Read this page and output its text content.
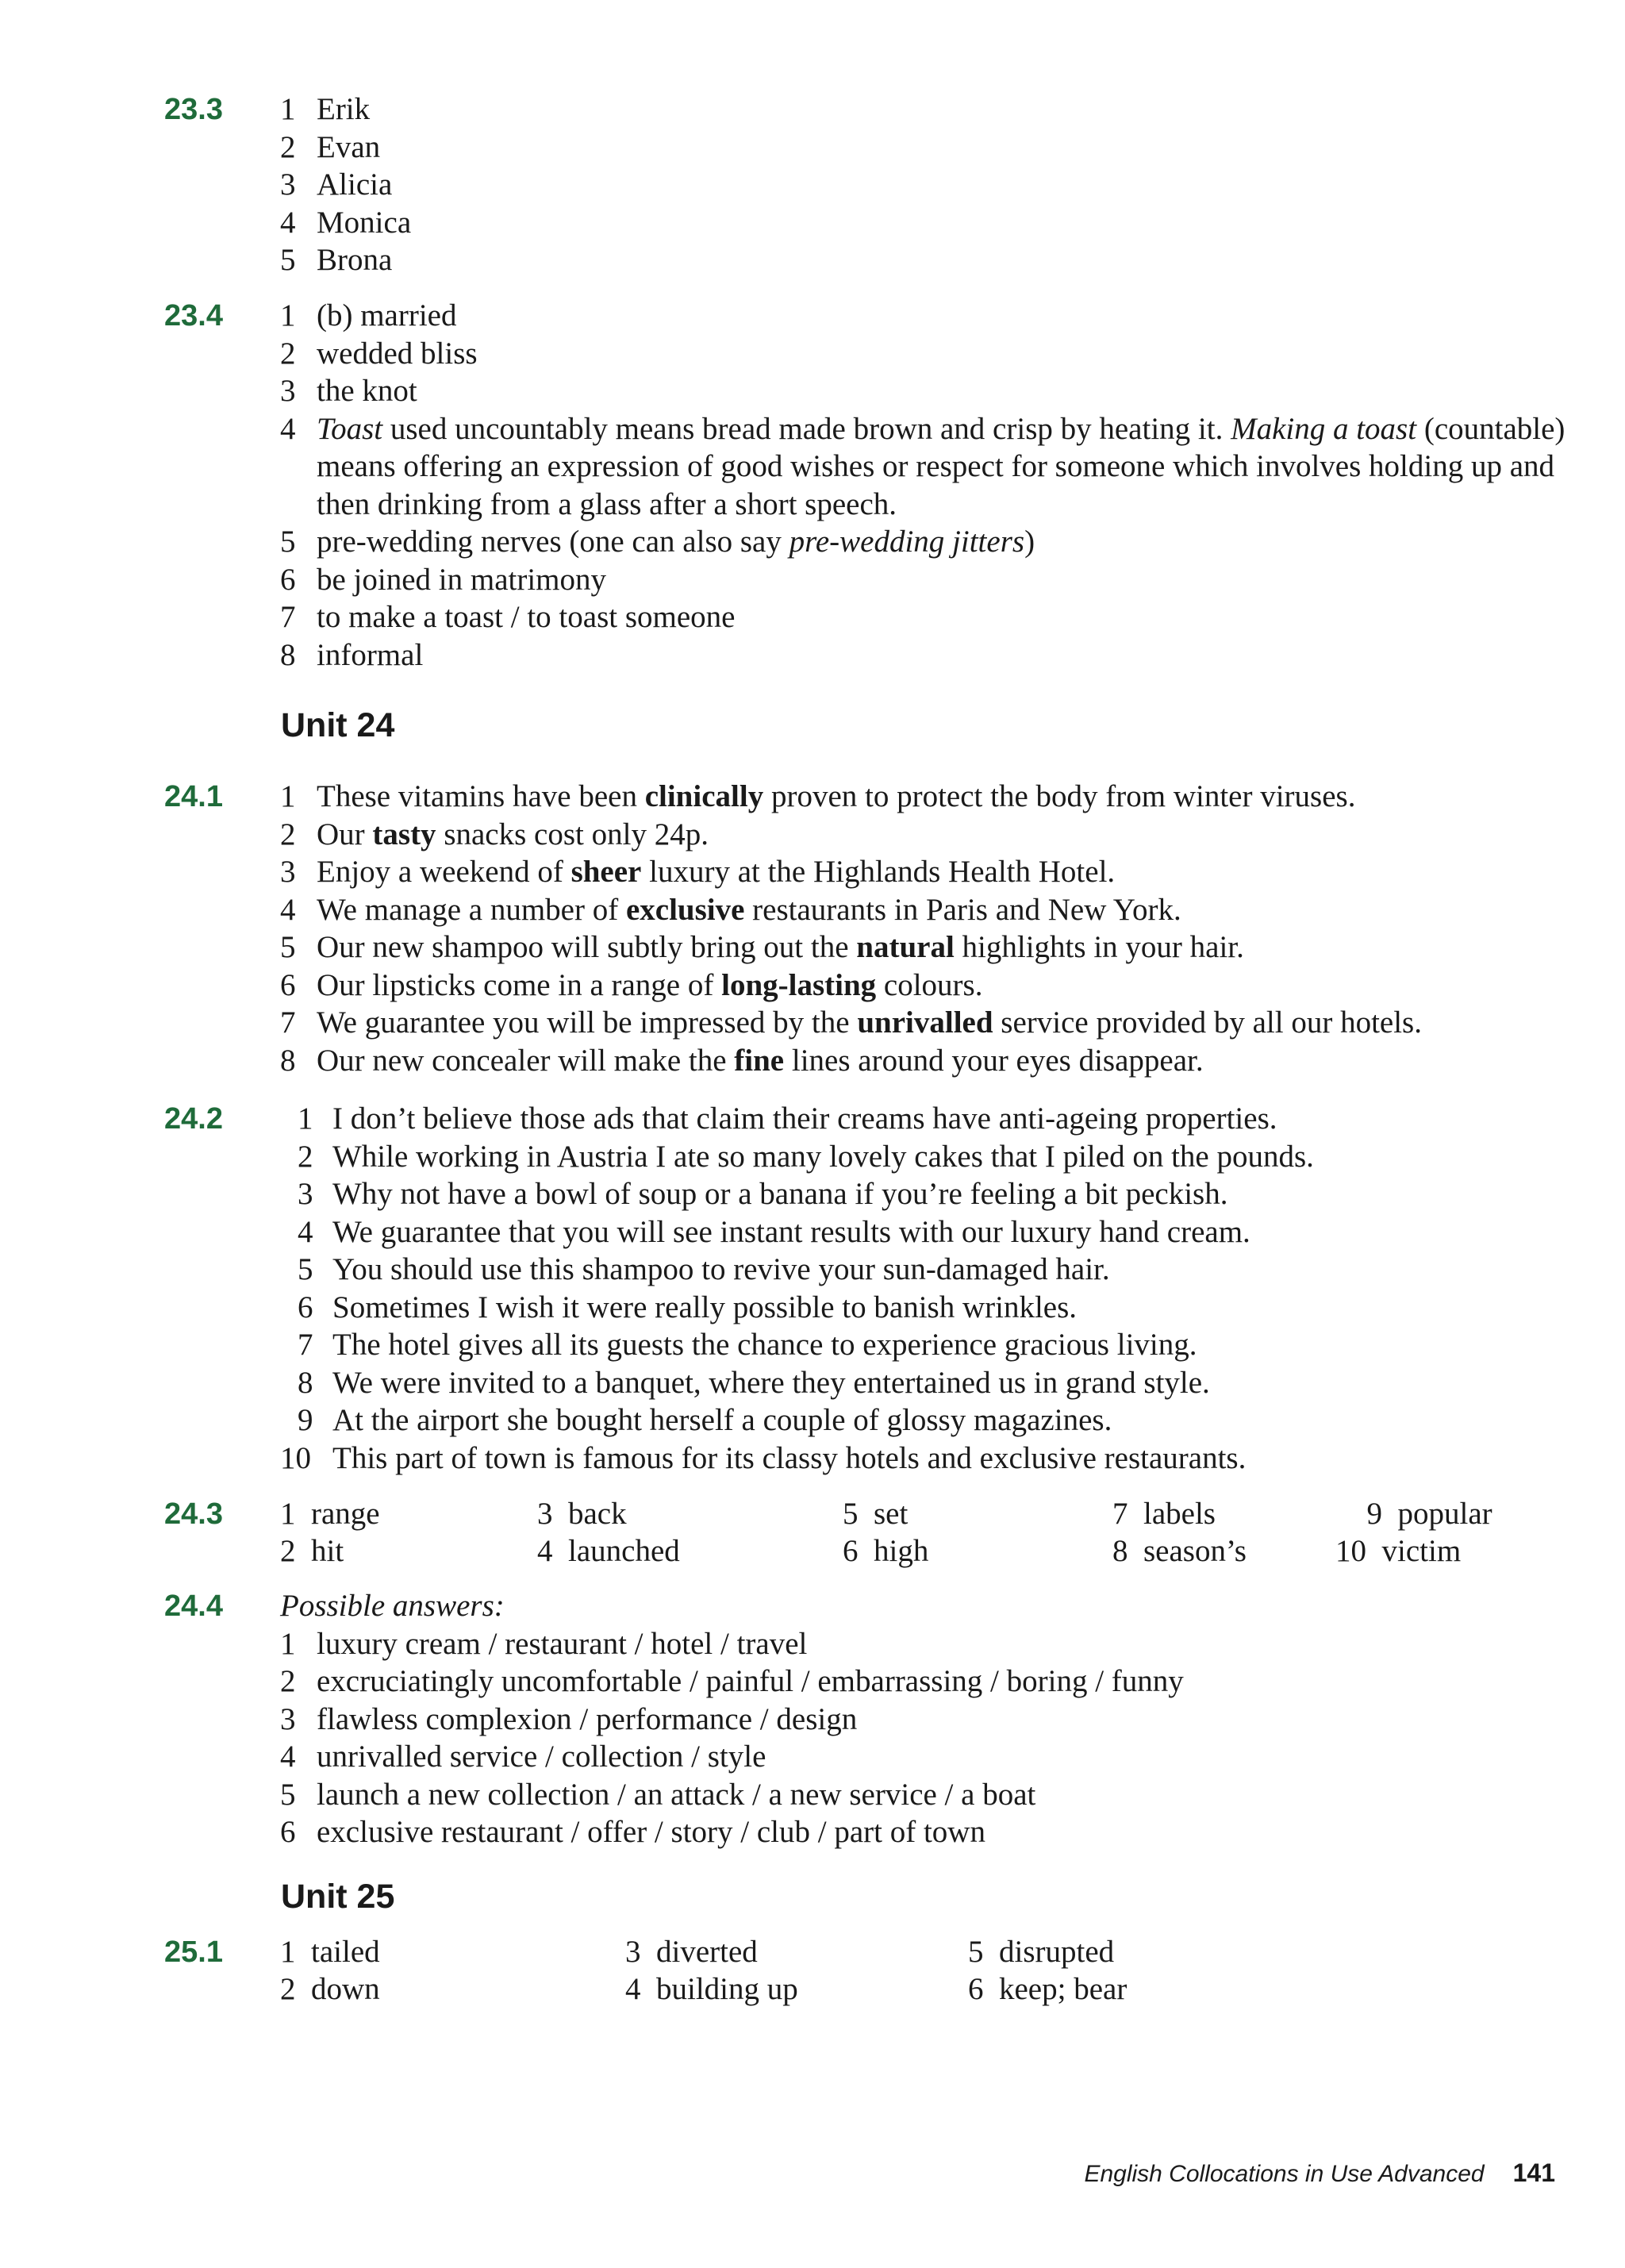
23.3 1 Erik
2 Evan
3 Alicia
4 Monica
5 Brona
23.4 1 (b) married
2 wedded bliss
3 the knot
4 Toast used uncountably means bread made brown and crisp by heating it. Making a toast (countable) means offering an expression of good wishes or respect for someone which involves holding up and then drinking from a glass after a short speech.
5 pre-wedding nerves (one can also say pre-wedding jitters)
6 be joined in matrimony
7 to make a toast / to toast someone
8 informal
Unit 24
24.1 1 These vitamins have been clinically proven to protect the body from winter viruses.
2 Our tasty snacks cost only 24p.
3 Enjoy a weekend of sheer luxury at the Highlands Health Hotel.
4 We manage a number of exclusive restaurants in Paris and New York.
5 Our new shampoo will subtly bring out the natural highlights in your hair.
6 Our lipsticks come in a range of long-lasting colours.
7 We guarantee you will be impressed by the unrivalled service provided by all our hotels.
8 Our new concealer will make the fine lines around your eyes disappear.
24.2 1 I don’t believe those ads that claim their creams have anti-ageing properties.
2 While working in Austria I ate so many lovely cakes that I piled on the pounds.
3 Why not have a bowl of soup or a banana if you’re feeling a bit peckish.
4 We guarantee that you will see instant results with our luxury hand cream.
5 You should use this shampoo to revive your sun-damaged hair.
6 Sometimes I wish it were really possible to banish wrinkles.
7 The hotel gives all its guests the chance to experience gracious living.
8 We were invited to a banquet, where they entertained us in grand style.
9 At the airport she bought herself a couple of glossy magazines.
10 This part of town is famous for its classy hotels and exclusive restaurants.
24.3 1 range
2 hit
3 back
4 launched
5 set
6 high
7 labels
8 season’s
9 popular
10 victim
24.4 Possible answers:
1 luxury cream / restaurant / hotel / travel
2 excruciatingly uncomfortable / painful / embarrassing / boring / funny
3 flawless complexion / performance / design
4 unrivalled service / collection / style
5 launch a new collection / an attack / a new service / a boat
6 exclusive restaurant / offer / story / club / part of town
Unit 25
25.1 1 tailed
2 down
3 diverted
4 building up
5 disrupted
6 keep; bear
English Collocations in Use Advanced 141
